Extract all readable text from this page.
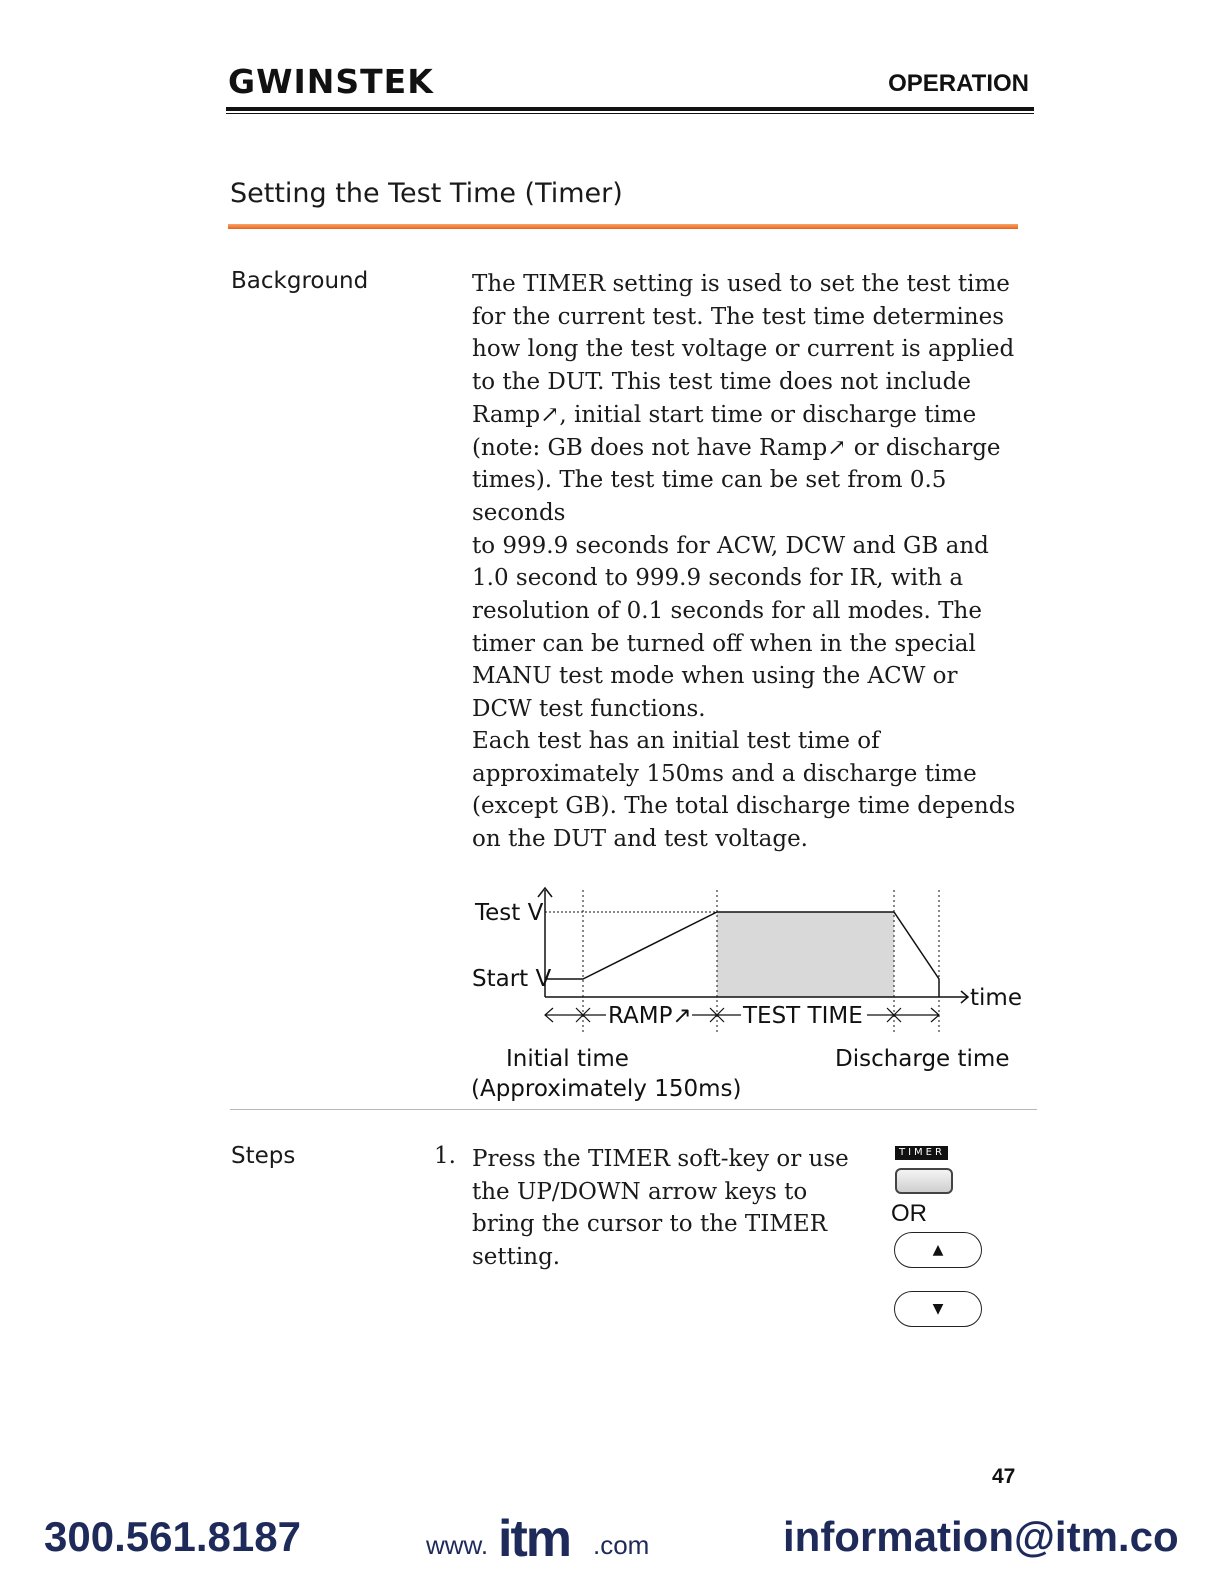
GWINSTEK	OPERATION
Setting the Test Time (Timer)
Background	The TIMER setting is used to set the test time
for the current test. The test time determines
how long the test voltage or current is applied
to the DUT. This test time does not include
Ramp↗, initial start time or discharge time
(note: GB does not have Ramp↗ or discharge
times). The test time can be set from 0.5 seconds
to 999.9 seconds for ACW, DCW and GB and
1.0 second to 999.9 seconds for IR, with a
resolution of 0.1 seconds for all modes. The
timer can be turned off when in the special
MANU test mode when using the ACW or
DCW test functions.

Each test has an initial test time of
approximately 150ms and a discharge time
(except GB). The total discharge time depends
on the DUT and test voltage.

Test V
Start V
time
RAMP↗ TEST TIME
Initial time
(Approximately 150ms)
Discharge time
Steps	1. Press the TIMER soft-key or use
the UP/DOWN arrow keys to
bring the cursor to the TIMER
setting.

TIMER
OR
▲
▼
47
300.561.8187	www. itm .com	information@itm.co
